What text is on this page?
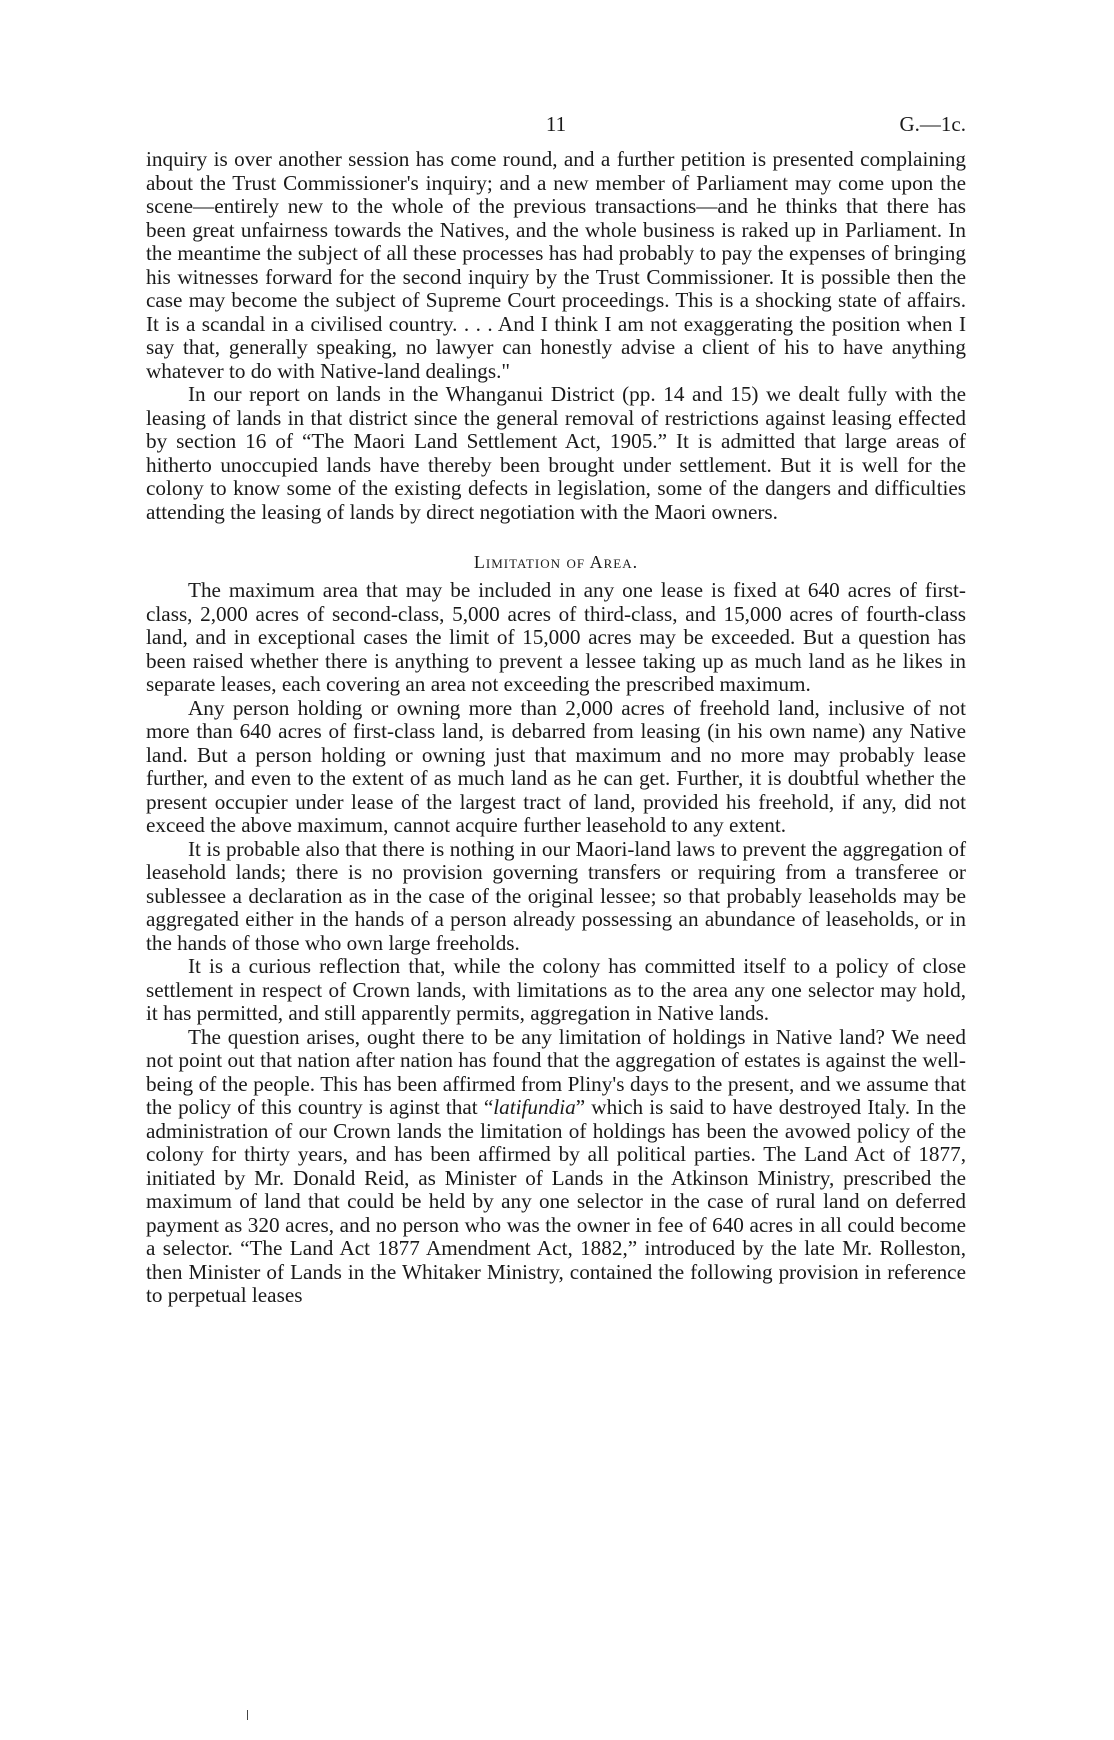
11	G.—1c.

inquiry is over another session has come round, and a further petition is presented complaining about the Trust Commissioner's inquiry; and a new member of Parliament may come upon the scene—entirely new to the whole of the previous transactions—and he thinks that there has been great unfairness towards the Natives, and the whole business is raked up in Parliament. In the meantime the subject of all these processes has had probably to pay the expenses of bringing his witnesses forward for the second inquiry by the Trust Commissioner. It is possible then the case may become the subject of Supreme Court proceedings. This is a shocking state of affairs. It is a scandal in a civilised country. . . . And I think I am not exaggerating the position when I say that, generally speaking, no lawyer can honestly advise a client of his to have anything whatever to do with Native-land dealings."

In our report on lands in the Whanganui District (pp. 14 and 15) we dealt fully with the leasing of lands in that district since the general removal of restrictions against leasing effected by section 16 of “The Maori Land Settlement Act, 1905.” It is admitted that large areas of hitherto unoccupied lands have thereby been brought under settlement. But it is well for the colony to know some of the existing defects in legislation, some of the dangers and difficulties attending the leasing of lands by direct negotiation with the Maori owners.

Limitation of Area.

The maximum area that may be included in any one lease is fixed at 640 acres of first-class, 2,000 acres of second-class, 5,000 acres of third-class, and 15,000 acres of fourth-class land, and in exceptional cases the limit of 15,000 acres may be exceeded. But a question has been raised whether there is anything to prevent a lessee taking up as much land as he likes in separate leases, each covering an area not exceeding the prescribed maximum.

Any person holding or owning more than 2,000 acres of freehold land, inclusive of not more than 640 acres of first-class land, is debarred from leasing (in his own name) any Native land. But a person holding or owning just that maximum and no more may probably lease further, and even to the extent of as much land as he can get. Further, it is doubtful whether the present occupier under lease of the largest tract of land, provided his freehold, if any, did not exceed the above maximum, cannot acquire further leasehold to any extent.

It is probable also that there is nothing in our Maori-land laws to prevent the aggregation of leasehold lands; there is no provision governing transfers or requiring from a transferee or sublessee a declaration as in the case of the original lessee; so that probably leaseholds may be aggregated either in the hands of a person already possessing an abundance of leaseholds, or in the hands of those who own large freeholds.

It is a curious reflection that, while the colony has committed itself to a policy of close settlement in respect of Crown lands, with limitations as to the area any one selector may hold, it has permitted, and still apparently permits, aggregation in Native lands.

The question arises, ought there to be any limitation of holdings in Native land? We need not point out that nation after nation has found that the aggregation of estates is against the well-being of the people. This has been affirmed from Pliny's days to the present, and we assume that the policy of this country is aginst that “latifundia” which is said to have destroyed Italy. In the administration of our Crown lands the limitation of holdings has been the avowed policy of the colony for thirty years, and has been affirmed by all political parties. The Land Act of 1877, initiated by Mr. Donald Reid, as Minister of Lands in the Atkinson Ministry, prescribed the maximum of land that could be held by any one selector in the case of rural land on deferred payment as 320 acres, and no person who was the owner in fee of 640 acres in all could become a selector. “The Land Act 1877 Amendment Act, 1882,” introduced by the late Mr. Rolleston, then Minister of Lands in the Whitaker Ministry, contained the following provision in reference to perpetual leases
